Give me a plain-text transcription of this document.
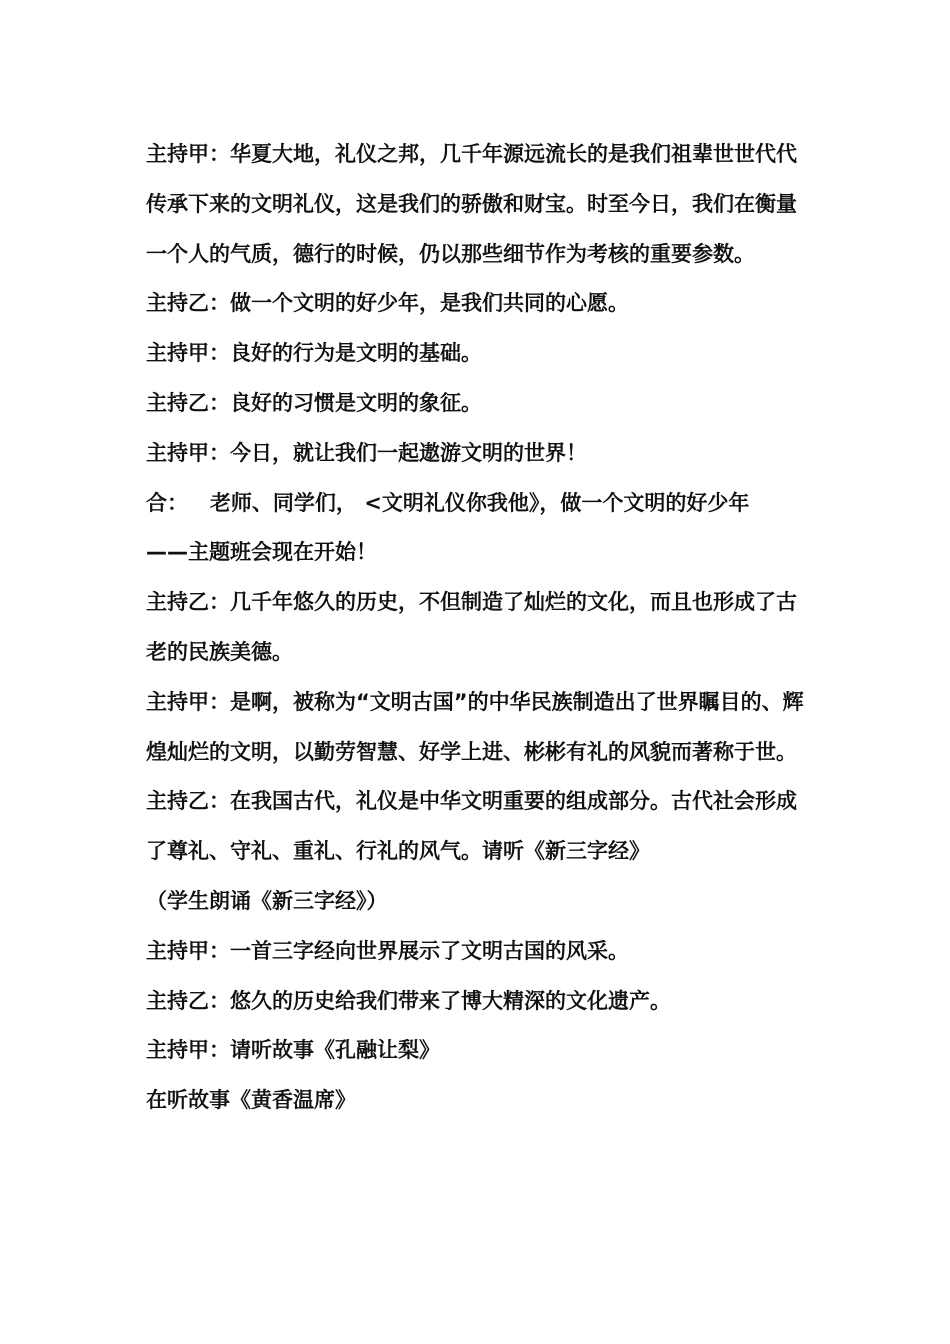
主持甲：华夏大地，礼仪之邦，几千年源远流长的是我们祖辈世世代代传承下来的文明礼仪，这是我们的骄傲和财宝。时至今日，我们在衡量一个人的气质，德行的时候，仍以那些细节作为考核的重要参数。

主持乙：做一个文明的好少年，是我们共同的心愿。

主持甲：良好的行为是文明的基础。

主持乙：良好的习惯是文明的象征。

主持甲：今日，就让我们一起遨游文明的世界！

合：   老师、同学们， <文明礼仪你我他》，做一个文明的好少年

——主题班会现在开始！

主持乙：几千年悠久的历史，不但制造了灿烂的文化，而且也形成了古老的民族美德。

主持甲：是啊，被称为“文明古国”的中华民族制造出了世界瞩目的、辉煌灿烂的文明，以勤劳智慧、好学上进、彬彬有礼的风貌而著称于世。

主持乙：在我国古代，礼仪是中华文明重要的组成部分。古代社会形成了尊礼、守礼、重礼、行礼的风气。请听《新三字经》

（学生朗诵《新三字经》）

主持甲：一首三字经向世界展示了文明古国的风采。

主持乙：悠久的历史给我们带来了博大精深的文化遗产。

主持甲：请听故事《孔融让梨》

在听故事《黄香温席》
